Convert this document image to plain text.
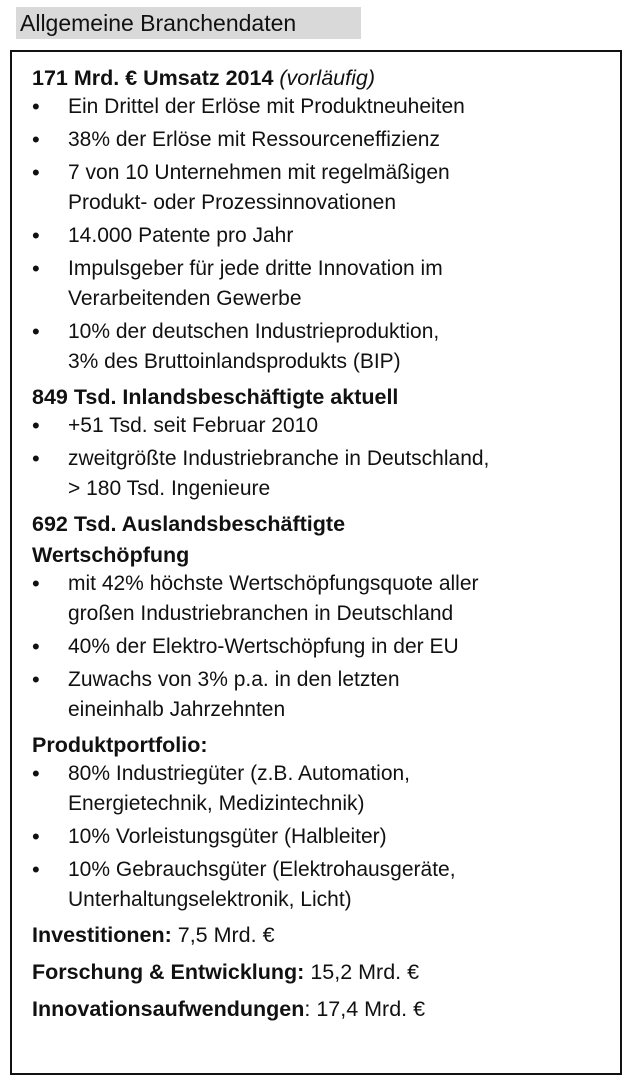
Allgemeine Branchendaten
171 Mrd. € Umsatz 2014 (vorläufig)
• Ein Drittel der Erlöse mit Produktneuheiten
• 38% der Erlöse mit Ressourceneffizienz
• 7 von 10 Unternehmen mit regelmäßigen
Produkt- oder Prozessinnovationen
• 14.000 Patente pro Jahr
• Impulsgeber für jede dritte Innovation im
Verarbeitenden Gewerbe
• 10% der deutschen Industrieproduktion,
3% des Bruttoinlandsprodukts (BIP)
849 Tsd. Inlandsbeschäftigte aktuell
• +51 Tsd. seit Februar 2010
• zweitgrößte Industriebranche in Deutschland,
> 180 Tsd. Ingenieure
692 Tsd. Auslandsbeschäftigte
Wertschöpfung
• mit 42% höchste Wertschöpfungsquote aller
großen Industriebranchen in Deutschland
• 40% der Elektro-Wertschöpfung in der EU
• Zuwachs von 3% p.a. in den letzten
eineinhalb Jahrzehnten
Produktportfolio:
• 80% Industriegüter (z.B. Automation,
Energietechnik, Medizintechnik)
• 10% Vorleistungsgüter (Halbleiter)
• 10% Gebrauchsgüter (Elektrohausgeräte,
Unterhaltungselektronik, Licht)
Investitionen: 7,5 Mrd. €
Forschung & Entwicklung: 15,2 Mrd. €
Innovationsaufwendungen: 17,4 Mrd. €
